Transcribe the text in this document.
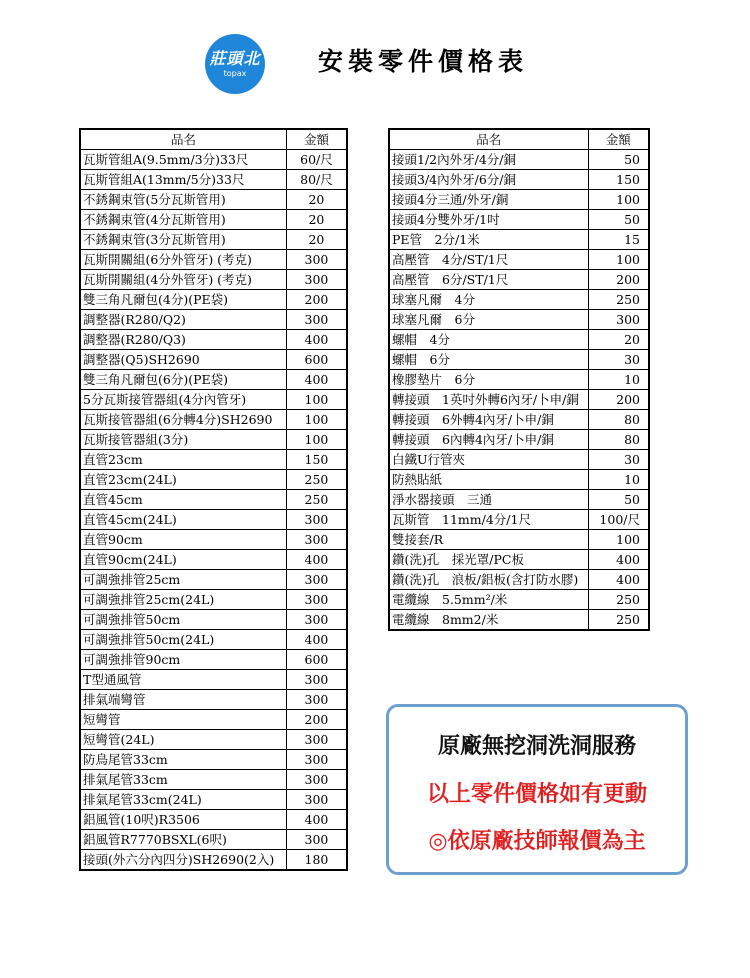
莊頭北
topax	安裝零件價格表
品名	金額
瓦斯管組A(9.5mm/3分)33尺	60/尺
瓦斯管組A(13mm/5分)33尺	80/尺
不銹鋼束管(5分瓦斯管用)	20
不銹鋼束管(4分瓦斯管用)	20
不銹鋼束管(3分瓦斯管用)	20
瓦斯開關組(6分外管牙) (考克)	300
瓦斯開關組(4分外管牙) (考克)	300
雙三角凡爾包(4分)(PE袋)	200
調整器(R280/Q2)	300
調整器(R280/Q3)	400
調整器(Q5)SH2690	600
雙三角凡爾包(6分)(PE袋)	400
5分瓦斯接管器組(4分內管牙)	100
瓦斯接管器組(6分轉4分)SH2690	100
瓦斯接管器組(3分)	100
直管23cm	150
直管23cm(24L)	250
直管45cm	250
直管45cm(24L)	300
直管90cm	300
直管90cm(24L)	400
可調強排管25cm	300
可調強排管25cm(24L)	300
可調強排管50cm	300
可調強排管50cm(24L)	400
可調強排管90cm	600
T型通風管	300
排氣端彎管	300
短彎管	200
短彎管(24L)	300
防鳥尾管33cm	300
排氣尾管33cm	300
排氣尾管33cm(24L)	300
鋁風管(10呎)R3506	400
鋁風管R7770BSXL(6呎)	300
接頭(外六分內四分)SH2690(2入)	180
品名	金額
接頭1/2內外牙/4分/銅	50
接頭3/4內外牙/6分/銅	150
接頭4分三通/外牙/銅	100
接頭4分雙外牙/1吋	50
PE管　2分/1米	15
高壓管　4分/ST/1尺	100
高壓管　6分/ST/1尺	200
球塞凡爾　4分	250
球塞凡爾　6分	300
螺帽　4分	20
螺帽　6分	30
橡膠墊片　6分	10
轉接頭　1英吋外轉6內牙/卜申/銅	200
轉接頭　6外轉4內牙/卜申/銅	80
轉接頭　6內轉4內牙/卜申/銅	80
白鐵U行管夾	30
防熱貼紙	10
淨水器接頭　三通	50
瓦斯管　11mm/4分/1尺	100/尺
雙接套/R	100
鑽(洗)孔　採光罩/PC板	400
鑽(洗)孔　浪板/鋁板(含打防水膠)	400
電纜線　5.5mm²/米	250
電纜線　8mm2/米	250
原廠無挖洞洗洞服務
以上零件價格如有更動
◎依原廠技師報價為主
